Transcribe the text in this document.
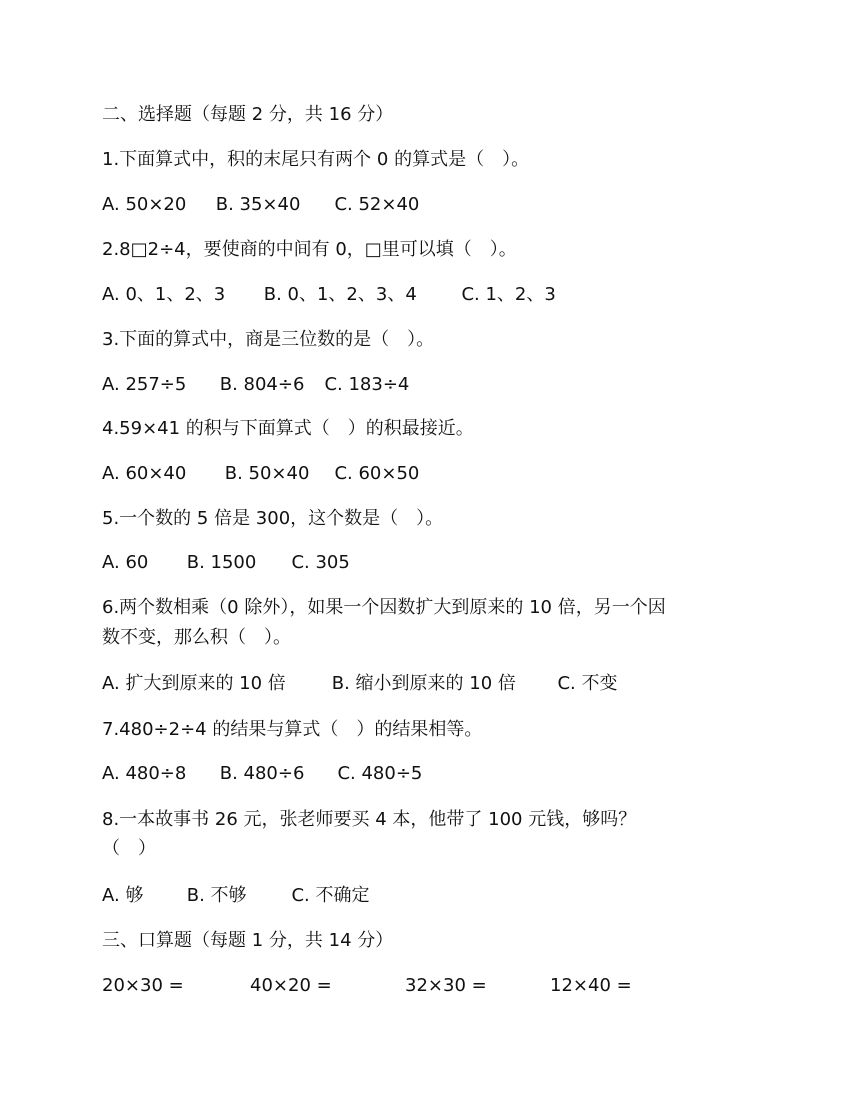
二、选择题（每题 2 分，共 16 分）
1.下面算式中，积的末尾只有两个 0 的算式是（　）。
A. 50×20 B. 35×40 C. 52×40
2.8□2÷4，要使商的中间有 0，□里可以填（　）。
A. 0、1、2、3 B. 0、1、2、3、4 C. 1、2、3
3.下面的算式中，商是三位数的是（　）。
A. 257÷5 B. 804÷6 C. 183÷4
4.59×41 的积与下面算式（　）的积最接近。
A. 60×40 B. 50×40 C. 60×50
5.一个数的 5 倍是 300，这个数是（　）。
A. 60 B. 1500 C. 305
6.两个数相乘（0 除外），如果一个因数扩大到原来的 10 倍，另一个因
数不变，那么积（　）。
A. 扩大到原来的 10 倍	B. 缩小到原来的 10 倍 C. 不变
7.480÷2÷4 的结果与算式（　）的结果相等。
A. 480÷8 B. 480÷6 C. 480÷5
8.一本故事书 26 元，张老师要买 4 本，他带了 100 元钱，够吗？
（　）
A. 够 B. 不够 C. 不确定
三、口算题（每题 1 分，共 14 分）
20×30 =	40×20 =	32×30 =	12×40 =
